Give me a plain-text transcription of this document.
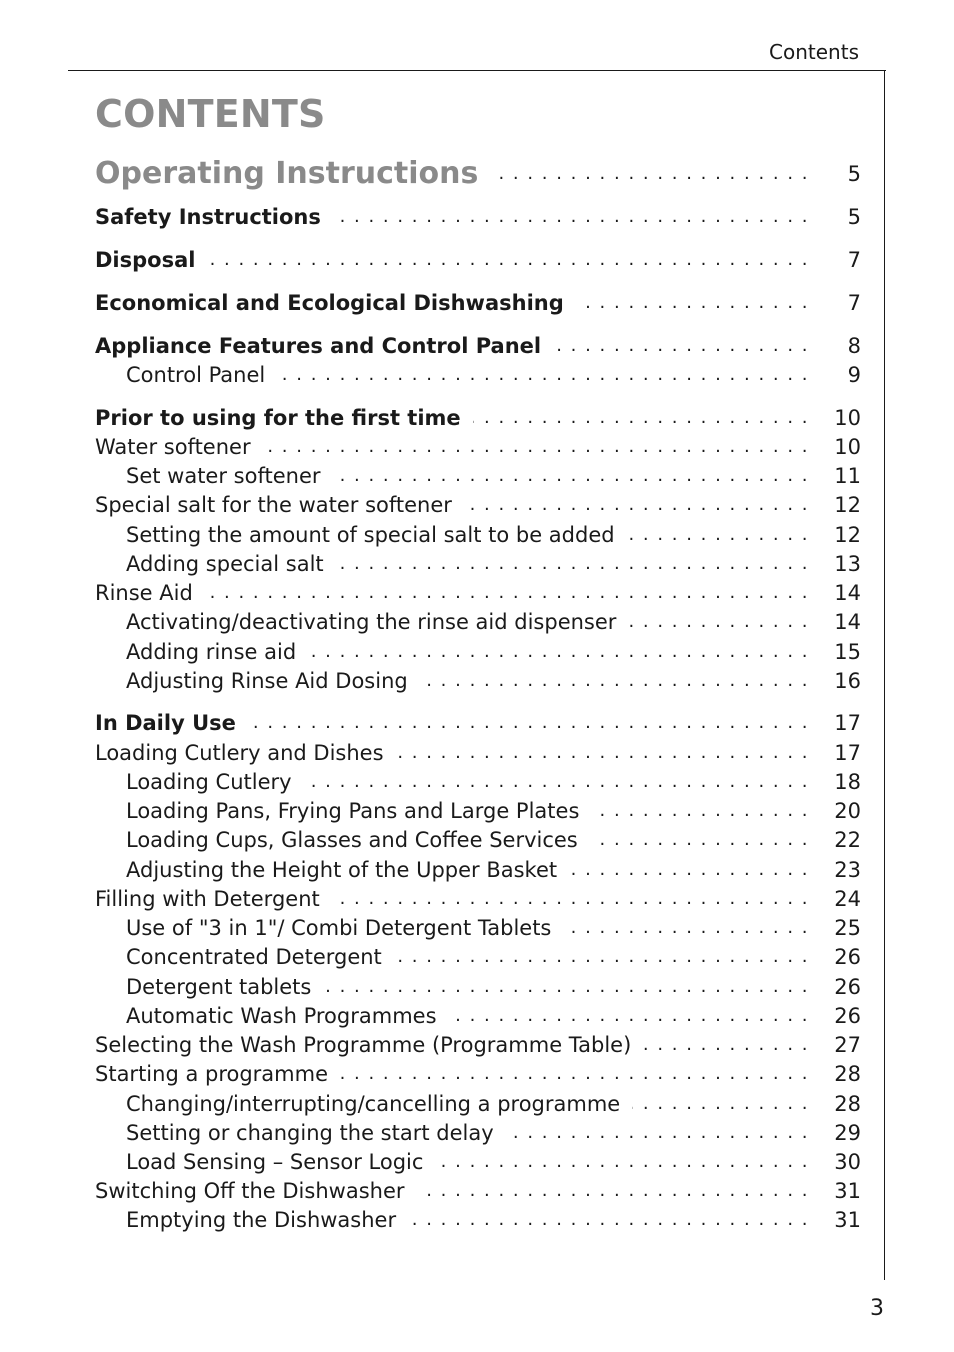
Contents
CONTENTS
Operating Instructions . . .	5
Safety Instructions . . .	5
Disposal . . .	7
Economical and Ecological Dishwashing . . .	7
Appliance Features and Control Panel . . .	8
Control Panel . . .	9
Prior to using for the first time . . .	10
Water softener . . .	10
Set water softener . . .	11
Special salt for the water softener . . .	12
Setting the amount of special salt to be added . . .	12
Adding special salt . . .	13
Rinse Aid . . .	14
Activating/deactivating the rinse aid dispenser . . .	14
Adding rinse aid . . .	15
Adjusting Rinse Aid Dosing . . .	16
In Daily Use . . .	17
Loading Cutlery and Dishes . . .	17
Loading Cutlery . . .	18
Loading Pans, Frying Pans and Large Plates . . .	20
Loading Cups, Glasses and Coffee Services . . .	22
Adjusting the Height of the Upper Basket . . .	23
Filling with Detergent . . .	24
Use of "3 in 1"/ Combi Detergent Tablets . . .	25
Concentrated Detergent . . .	26
Detergent tablets . . .	26
Automatic Wash Programmes . . .	26
Selecting the Wash Programme (Programme Table) . . .	27
Starting a programme . . .	28
Changing/interrupting/cancelling a programme . . .	28
Setting or changing the start delay . . .	29
Load Sensing – Sensor Logic . . .	30
Switching Off the Dishwasher . . .	31
Emptying the Dishwasher . . .	31
3
